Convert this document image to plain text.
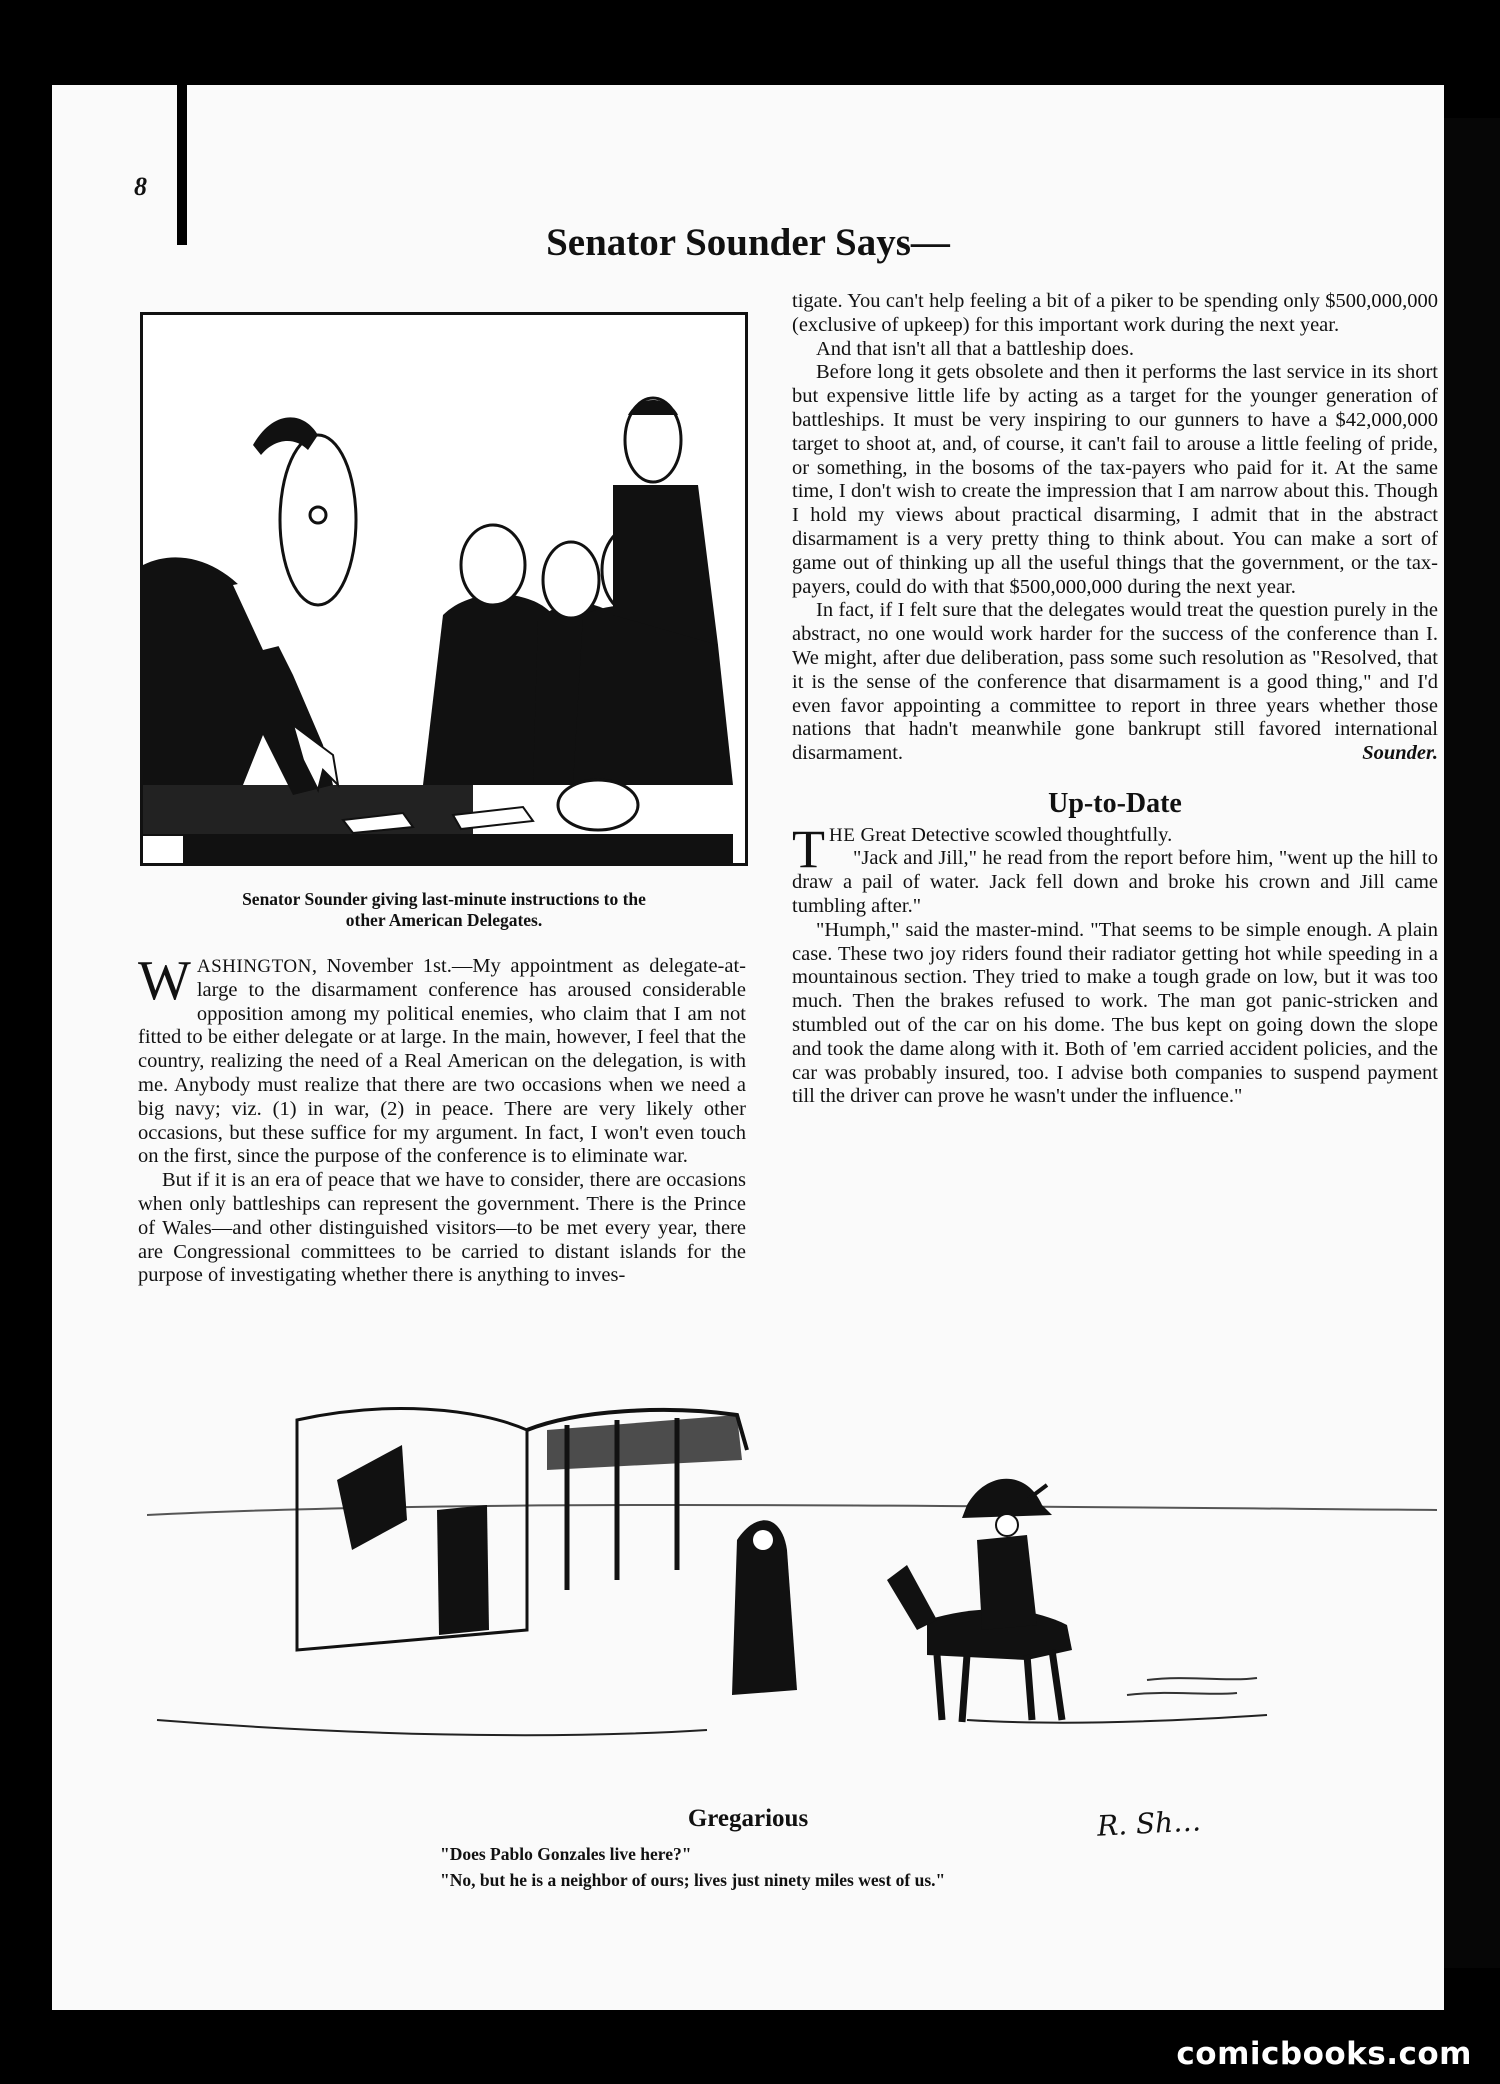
8
Senator Sounder Says—
Senator Sounder giving last-minute instructions to the
other American Delegates.

WASHINGTON, November 1st.—My appointment as delegate-at-large to the disarmament conference has aroused considerable opposition among my political enemies, who claim that I am not fitted to be either delegate or at large. In the main, however, I feel that the country, realizing the need of a Real American on the delegation, is with me. Anybody must realize that there are two occasions when we need a big navy; viz. (1) in war, (2) in peace. There are very likely other occasions, but these suffice for my argument. In fact, I won't even touch on the first, since the purpose of the conference is to eliminate war.

But if it is an era of peace that we have to consider, there are occasions when only battleships can represent the government. There is the Prince of Wales—and other distinguished visitors—to be met every year, there are Congressional committees to be carried to distant islands for the purpose of investigating whether there is anything to inves-

tigate. You can't help feeling a bit of a piker to be spending only $500,000,000 (exclusive of upkeep) for this important work during the next year.

And that isn't all that a battleship does.

Before long it gets obsolete and then it performs the last service in its short but expensive little life by acting as a target for the younger generation of battleships. It must be very inspiring to our gunners to have a $42,000,000 target to shoot at, and, of course, it can't fail to arouse a little feeling of pride, or something, in the bosoms of the tax-payers who paid for it. At the same time, I don't wish to create the impression that I am narrow about this. Though I hold my views about practical disarming, I admit that in the abstract disarmament is a very pretty thing to think about. You can make a sort of game out of thinking up all the useful things that the government, or the tax-payers, could do with that $500,000,000 during the next year.

In fact, if I felt sure that the delegates would treat the question purely in the abstract, no one would work harder for the success of the conference than I. We might, after due deliberation, pass some such resolution as "Resolved, that it is the sense of the conference that disarmament is a good thing," and I'd even favor appointing a committee to report in three years whether those nations that hadn't meanwhile gone bankrupt still favored international disarmament.	Sounder.
Up-to-Date

THE Great Detective scowled thoughtfully.

"Jack and Jill," he read from the report before him, "went up the hill to draw a pail of water. Jack fell down and broke his crown and Jill came tumbling after."

"Humph," said the master-mind. "That seems to be simple enough. A plain case. These two joy riders found their radiator getting hot while speeding in a mountainous section. They tried to make a tough grade on low, but it was too much. Then the brakes refused to work. The man got panic-stricken and stumbled out of the car on his dome. The bus kept on going down the slope and took the dame along with it. Both of 'em carried accident policies, and the car was probably insured, too. I advise both companies to suspend payment till the driver can prove he wasn't under the influence."

R. Sh…
Gregarious
"Does Pablo Gonzales live here?"
"No, but he is a neighbor of ours; lives just ninety miles west of us."
comicbooks.com
